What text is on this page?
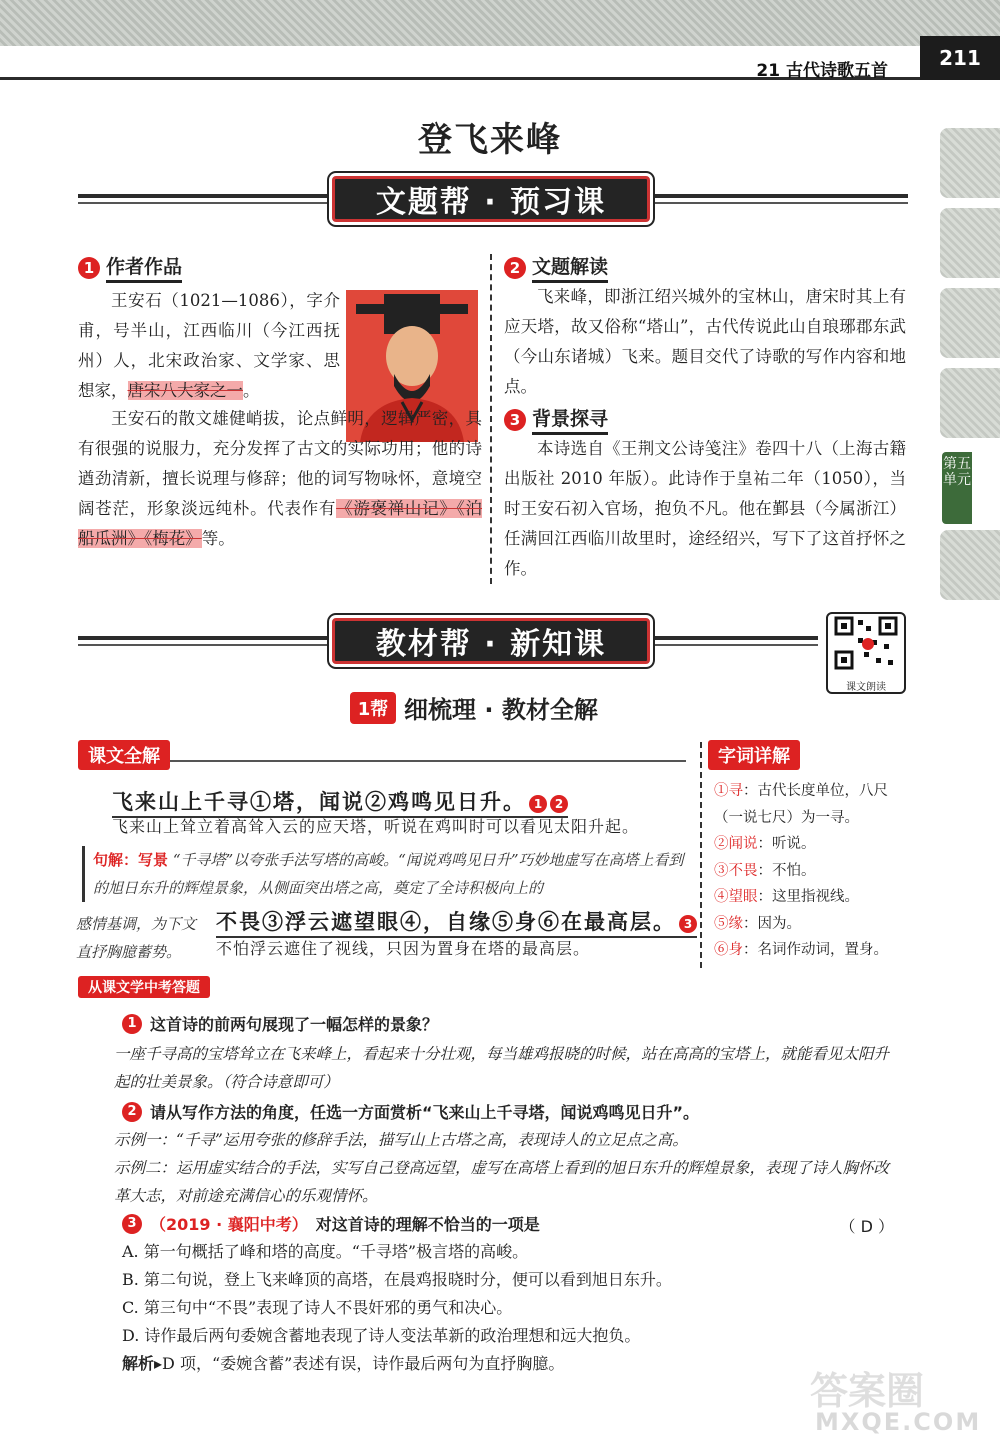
21 古代诗歌五首
211
第五单元
登飞来峰
文题帮 · 预习课
1 作者作品

王安石（1021—1086），字介甫，号半山，江西临川（今江西抚州）人，北宋政治家、文学家、思想家，唐宋八大家之一。

王安石的散文雄健峭拔，论点鲜明，逻辑严密，具有很强的说服力，充分发挥了古文的实际功用；他的诗遒劲清新，擅长说理与修辞；他的词写物咏怀，意境空阔苍茫，形象淡远纯朴。代表作有《游褒禅山记》《泊船瓜洲》《梅花》等。

2 文题解读

飞来峰，即浙江绍兴城外的宝林山，唐宋时其上有应天塔，故又俗称“塔山”，古代传说此山自琅琊郡东武（今山东诸城）飞来。题目交代了诗歌的写作内容和地点。

3 背景探寻

本诗选自《王荆文公诗笺注》卷四十八（上海古籍出版社 2010 年版）。此诗作于皇祐二年（1050），当时王安石初入官场，抱负不凡。他在鄞县（今属浙江）任满回江西临川故里时，途经绍兴，写下了这首抒怀之作。

教材帮 · 新知课
课文朗读
1帮 细梳理 · 教材全解
课文全解
飞来山上千寻①塔，闻说②鸡鸣见日升。 1 2
飞来山上耸立着高耸入云的应天塔，听说在鸡叫时可以看见太阳升起。
句解：写景 “千寻塔”以夸张手法写塔的高峻。“闻说鸡鸣见日升”巧妙地虚写在高塔上看到的旭日东升的辉煌景象，从侧面突出塔之高，奠定了全诗积极向上的
感情基调，为下文直抒胸臆蓄势。
不畏③浮云遮望眼④，自缘⑤身⑥在最高层。 3
不怕浮云遮住了视线，只因为置身在塔的最高层。
字词详解
①寻：古代长度单位，八尺（一说七尺）为一寻。
②闻说：听说。
③不畏：不怕。
④望眼：这里指视线。
⑤缘：因为。
⑥身：名词作动词，置身。
从课文学中考答题
1 这首诗的前两句展现了一幅怎样的景象？

一座千寻高的宝塔耸立在飞来峰上，看起来十分壮观，每当雄鸡报晓的时候，站在高高的宝塔上，就能看见太阳升起的壮美景象。（符合诗意即可）

2 请从写作方法的角度，任选一方面赏析“飞来山上千寻塔，闻说鸡鸣见日升”。

示例一：“千寻”运用夸张的修辞手法，描写山上古塔之高，表现诗人的立足点之高。

示例二：运用虚实结合的手法，实写自己登高远望，虚写在高塔上看到的旭日东升的辉煌景象，表现了诗人胸怀改革大志，对前途充满信心的乐观情怀。

3 （2019 · 襄阳中考） 对这首诗的理解不恰当的一项是	（ D ）
A. 第一句概括了峰和塔的高度。“千寻塔”极言塔的高峻。
B. 第二句说，登上飞来峰顶的高塔，在晨鸡报晓时分，便可以看到旭日东升。
C. 第三句中“不畏”表现了诗人不畏奸邪的勇气和决心。
D. 诗作最后两句委婉含蓄地表现了诗人变法革新的政治理想和远大抱负。
解析▸D 项，“委婉含蓄”表述有误，诗作最后两句为直抒胸臆。
答案圈
MXQE.COM
